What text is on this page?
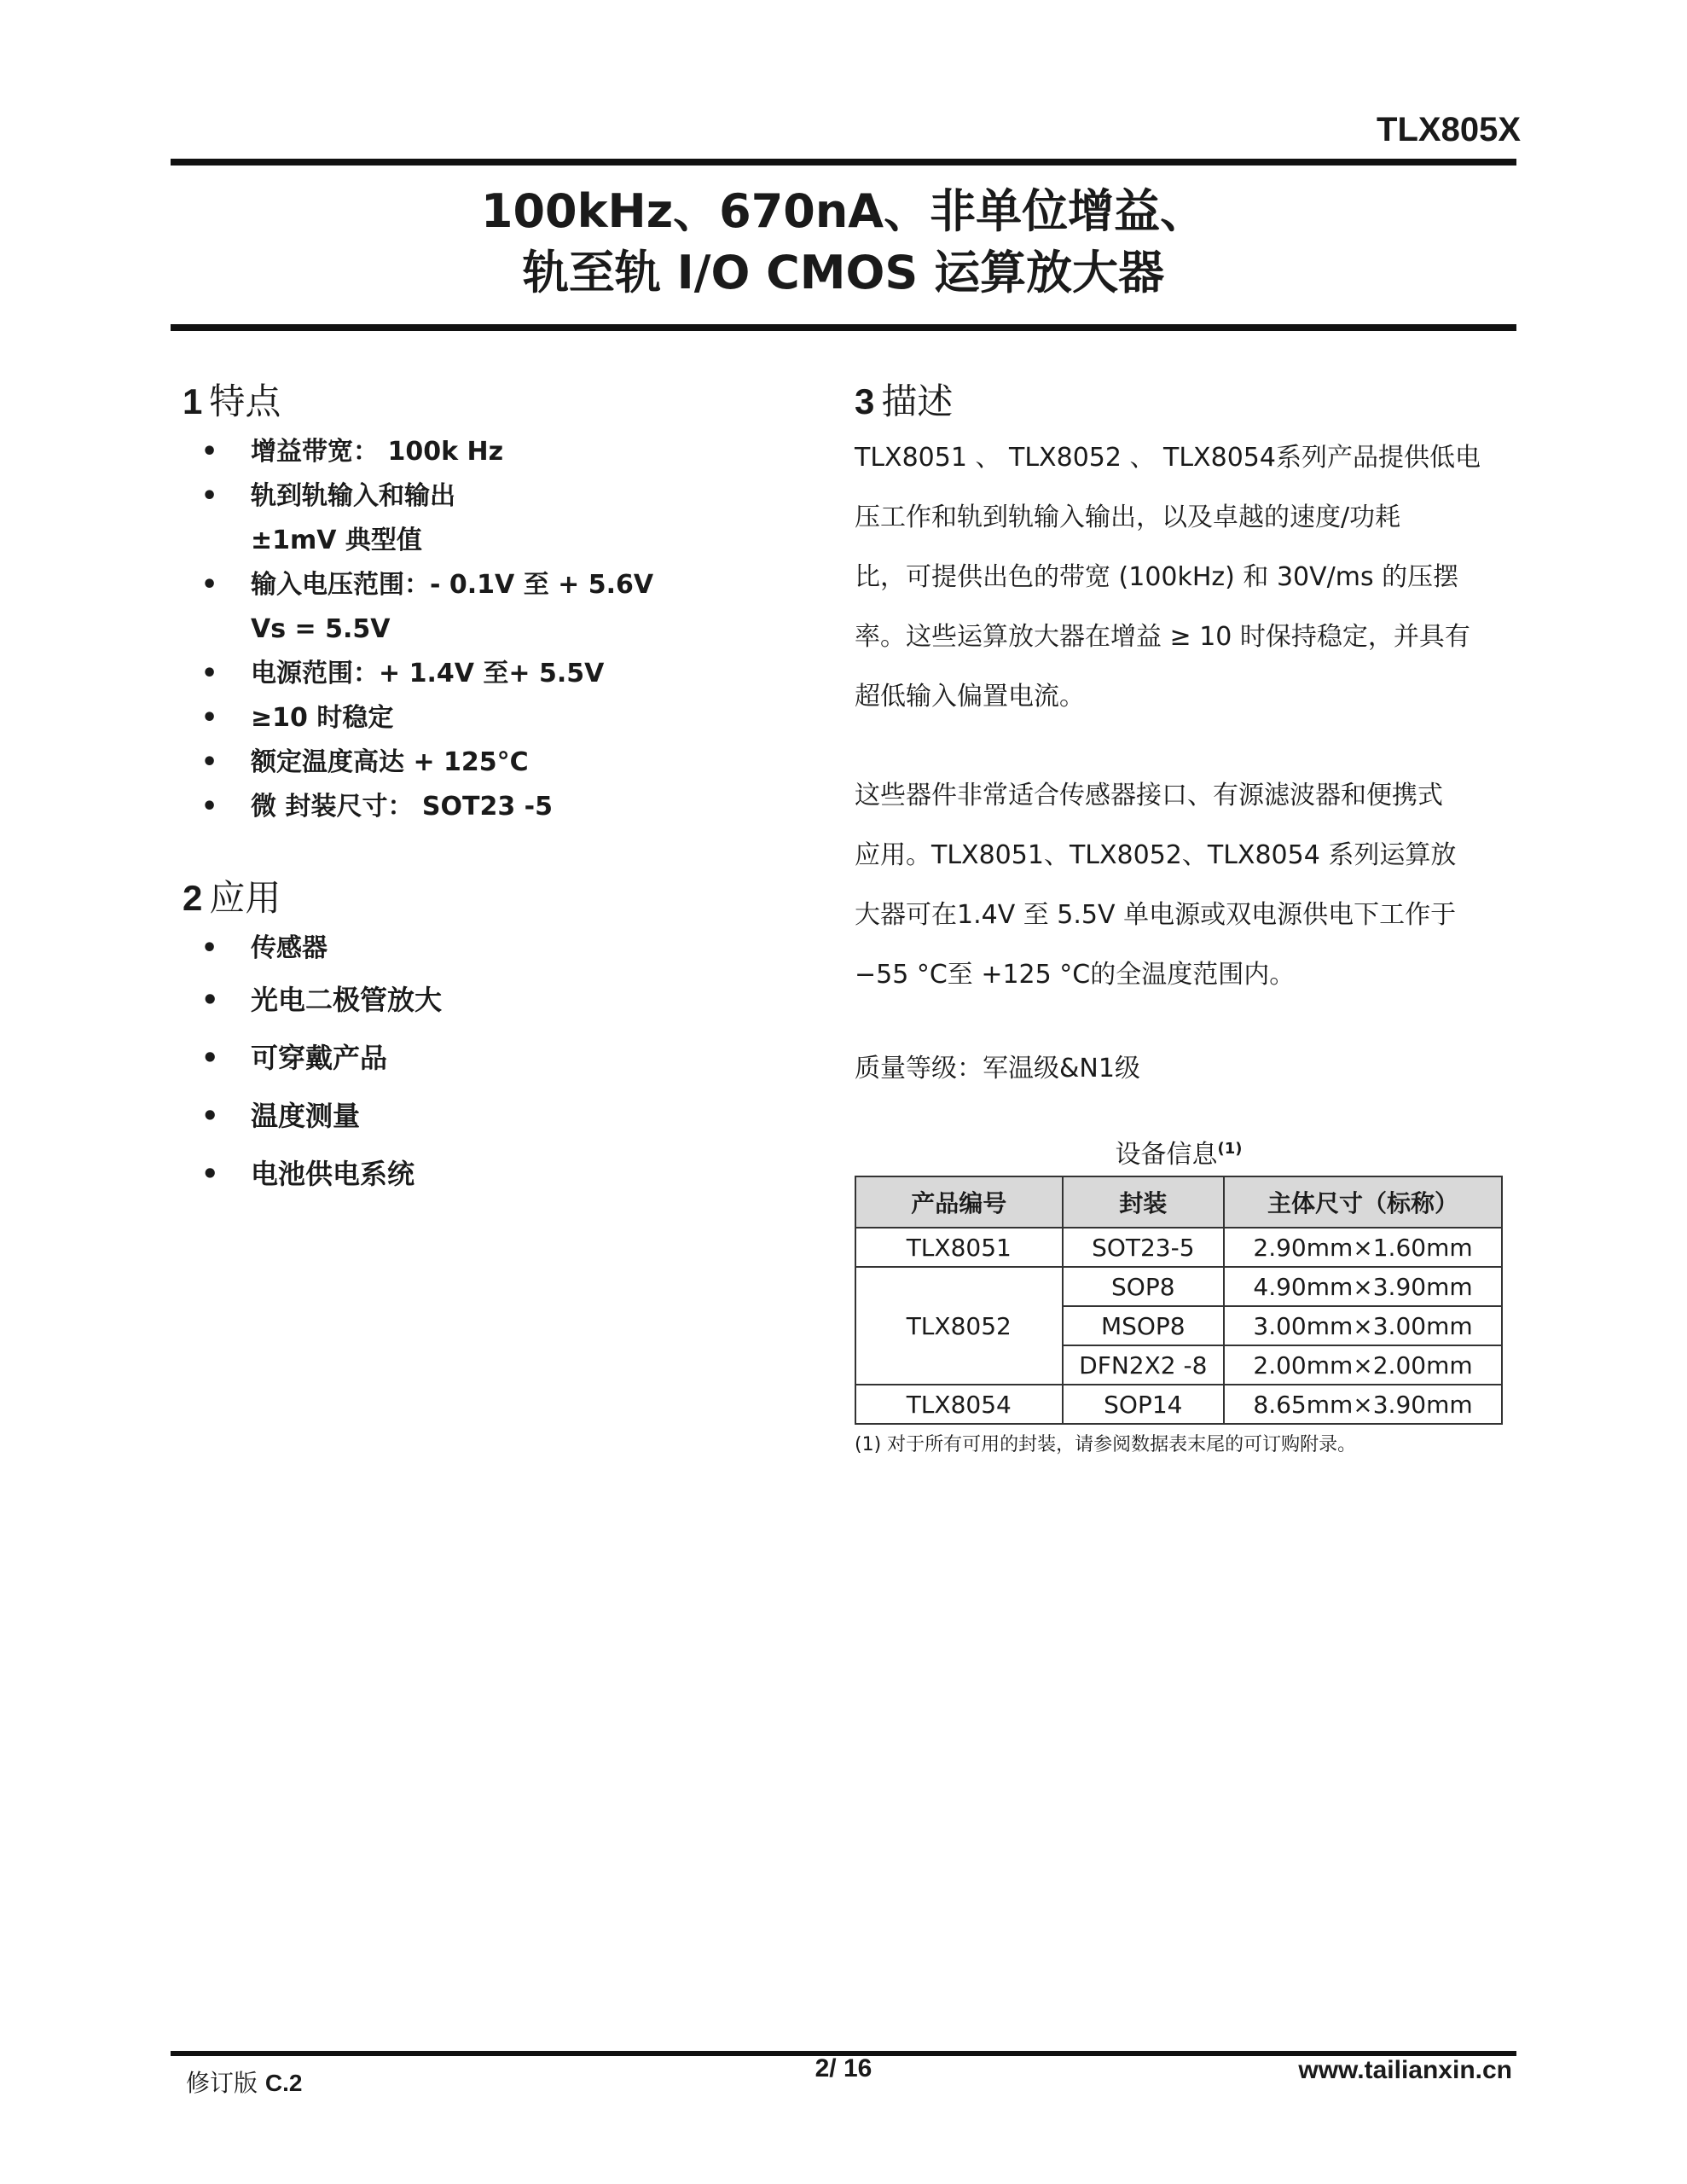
TLX805X
100kHz、670nA、非单位增益、
轨至轨 I/O CMOS 运算放大器
1 特点
• 增益带宽： 100k Hz
• 轨到轨输入和输出
±1mV 典型值
• 输入电压范围：- 0.1V 至 + 5.6V
Vs = 5.5V
• 电源范围：+ 1.4V 至+ 5.5V
• ≥10 时稳定
• 额定温度高达 + 125°C
• 微 封装尺寸： SOT23 -5
2 应用
• 传感器
• 光电二极管放大
• 可穿戴产品
• 温度测量
• 电池供电系统
3 描述

TLX8051 、 TLX8052 、 TLX8054系列产品提供低电

压工作和轨到轨输入输出，以及卓越的速度/功耗

比，可提供出色的带宽 (100kHz) 和 30V/ms 的压摆

率。这些运算放大器在增益 ≥ 10 时保持稳定，并具有

超低输入偏置电流。

这些器件非常适合传感器接口、有源滤波器和便携式

应用。TLX8051、TLX8052、TLX8054 系列运算放

大器可在1.4V 至 5.5V 单电源或双电源供电下工作于

−55 °C至 +125 °C的全温度范围内。

质量等级：军温级&N1级
设备信息$^{(1)}$
产品编号	封装	主体尺寸（标称）
TLX8051	SOT23-5	2.90mm×1.60mm
TLX8052	SOP8	4.90mm×3.90mm
	MSOP8	3.00mm×3.00mm
	DFN2X2 -8	2.00mm×2.00mm
TLX8054	SOP14	8.65mm×3.90mm
(1) 对于所有可用的封装，请参阅数据表末尾的可订购附录。
修订版 C.2
2/ 16	www.tailianxin.cn
